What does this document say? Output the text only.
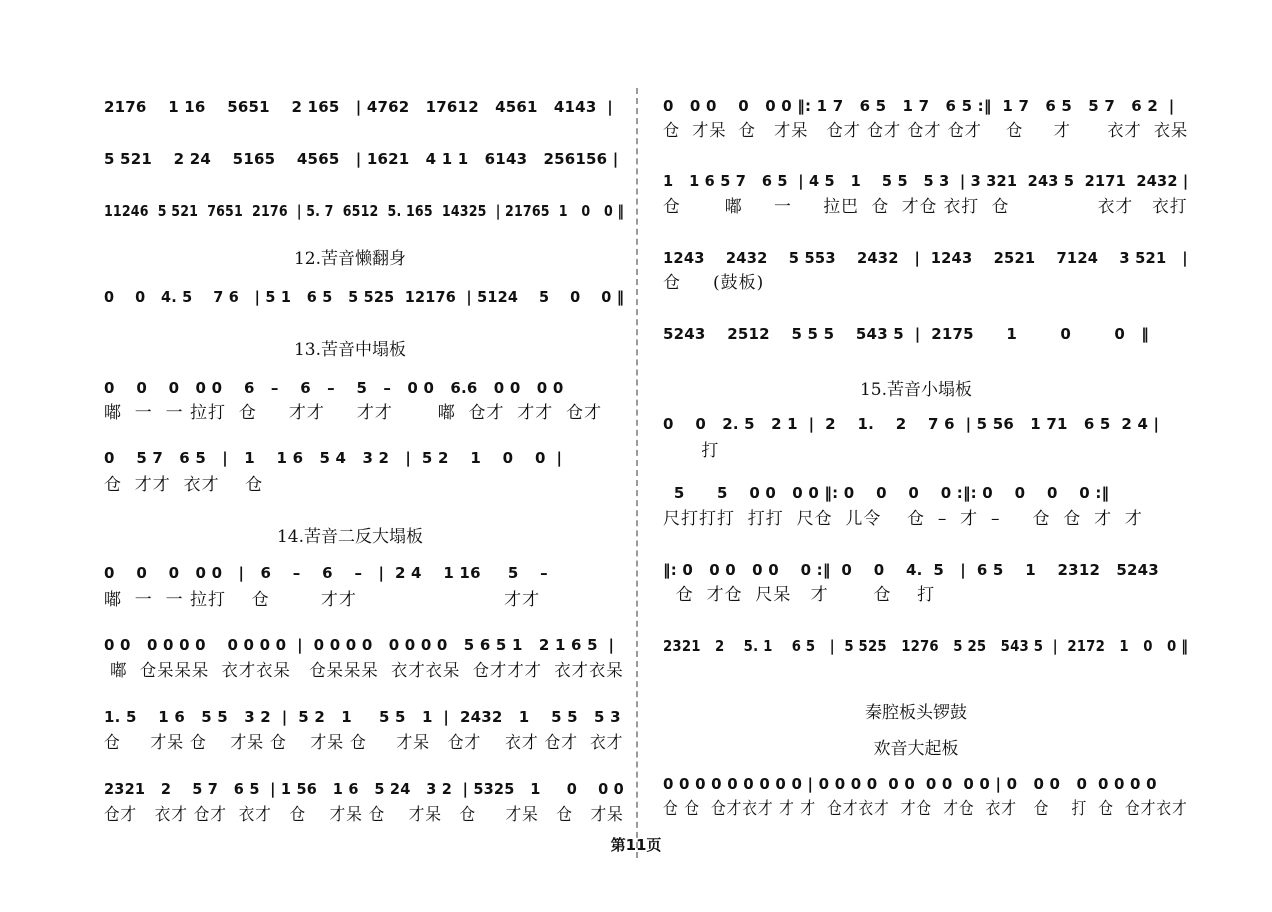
第11页
2176    1 16    5651    2 165   | 4762   17612   4561   4143  |
5 521    2 24    5165    4565   | 1621   4 1 1   6143   256156 |
11246  5 521  7651  2176  | 5. 7  6512  5. 165  14325  | 21765  1   0   0 ‖
12.苦音懒翻身
0    0   4. 5    7 6   | 5 1   6 5   5 525  12176  | 5124    5    0    0 ‖
13.苦音中塌板
0    0    0   0 0    6   –    6   –    5   –   0 0   6.6   0 0   0 0
0    5 7   6 5   |   1    1 6   5 4   3 2   |  5 2    1    0    0  |
嘟  一  一 拉打  仓     才才     才才       嘟  仓才  才才  仓才
仓  才才  衣才    仓
14.苦音二反大塌板
0    0    0   0 0   |   6    –    6    –   |  2 4    1 16     5    –
0 0   0 0 0 0    0 0 0 0  |  0 0 0 0   0 0 0 0   5 6 5 1   2 1 6 5  |
1. 5    1 6   5 5   3 2  |  5 2   1     5 5   1  |  2432   1    5 5   5 3
2321   2    5 7   6 5  | 1 56   1 6   5 24   3 2  | 5325   1     0    0 0
嘟  一  一 拉打    仓        才才                       才才
嘟  仓呆呆呆  衣才衣呆   仓呆呆呆  衣才衣呆  仓才才才  衣才衣呆
仓     才呆 仓    才呆 仓    才呆 仓     才呆   仓才    衣才 仓才  衣才
仓才   衣才 仓才  衣才   仓    才呆 仓    才呆   仓     才呆   仓   才呆
0   0 0    0   0 0 ‖: 1 7   6 5   1 7   6 5 :‖  1 7   6 5   5 7   6 2  |
1   1 6 5 7   6 5  | 4 5   1    5 5   5 3  | 3 321  243 5  2171  2432 |
1243    2432    5 553    2432   |  1243    2521    7124    3 521   |
5243    2512    5 5 5    543 5  |  2175      1        0        0   ‖
0    0   2. 5   2 1  |  2    1.    2    7 6  | 5 56   1 71   6 5  2 4 |
5      5    0 0   0 0 ‖: 0    0    0    0 :‖: 0    0    0    0 :‖
‖: 0   0 0   0 0    0 :‖  0    0    4.  5   |  6 5    1    2312   5243
2321   2    5. 1    6 5   |  5 525   1276   5 25   543 5  |  2172   1   0   0 ‖
0 0 0 0 0 0 0 0 0 | 0 0 0 0  0 0  0 0  0 0 | 0   0 0   0  0 0 0 0
仓  才呆  仓   才呆   仓才 仓才 仓才 仓才    仓     才      衣才  衣呆
仓       嘟     一     拉巴  仓  才仓 衣打  仓              衣才   衣打
仓     (鼓板)
打
尺打打打  打打  尺仓  儿令    仓  –  才  –     仓  仓  才  才
仓  才仓  尺呆   才       仓    打
仓 仓  仓才衣才 才 才  仓才衣才  才仓  才仓  衣才   仓    打  仓  仓才衣才
15.苦音小塌板
秦腔板头锣鼓
欢音大起板
